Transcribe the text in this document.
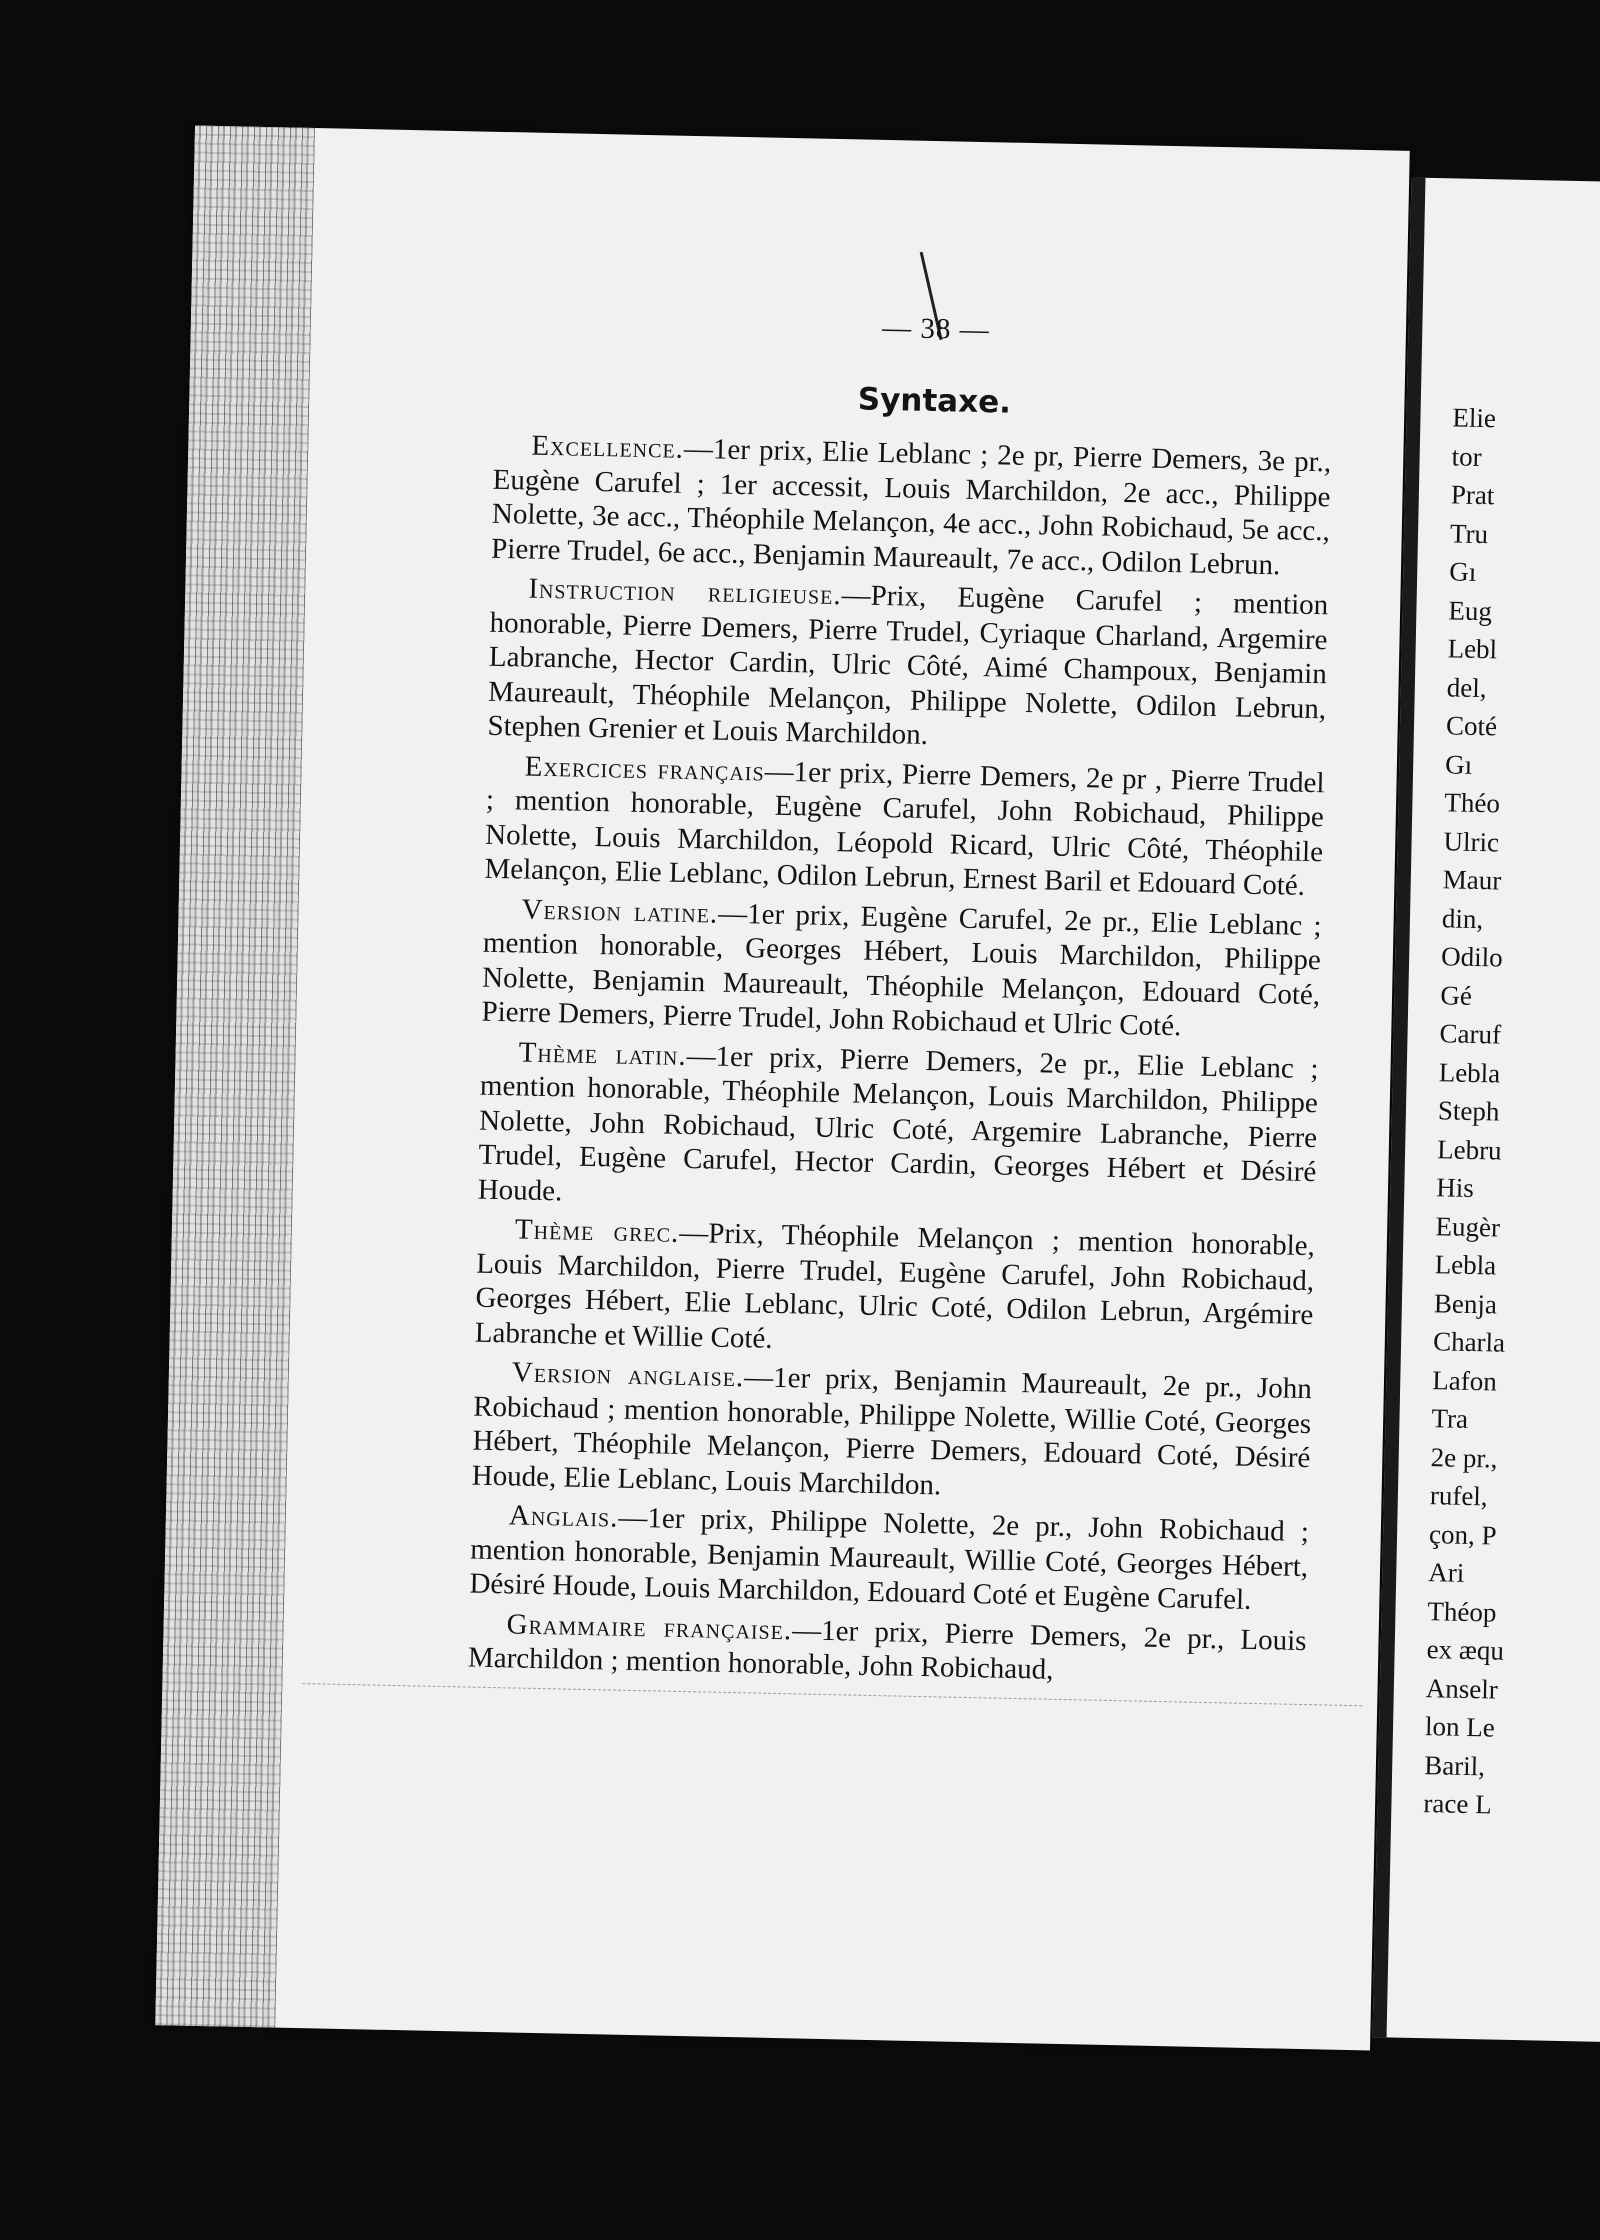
— 38 —
Syntaxe.

Excellence.—1er prix, Elie Leblanc ; 2e pr, Pierre Demers, 3e pr., Eugène Carufel ; 1er accessit, Louis Marchildon, 2e acc., Philippe Nolette, 3e acc., Théophile Melançon, 4e acc., John Robichaud, 5e acc., Pierre Trudel, 6e acc., Benjamin Maureault, 7e acc., Odilon Lebrun.

Instruction religieuse.—Prix, Eugène Carufel ; mention honorable, Pierre Demers, Pierre Trudel, Cyriaque Charland, Argemire Labranche, Hector Cardin, Ulric Côté, Aimé Champoux, Benjamin Maureault, Théophile Melançon, Philippe Nolette, Odilon Lebrun, Stephen Grenier et Louis Marchildon.

Exercices français—1er prix, Pierre Demers, 2e pr , Pierre Trudel ; mention honorable, Eugène Carufel, John Robichaud, Philippe Nolette, Louis Marchildon, Léopold Ricard, Ulric Côté, Théophile Melançon, Elie Leblanc, Odilon Lebrun, Ernest Baril et Edouard Coté.

Version latine.—1er prix, Eugène Carufel, 2e pr., Elie Leblanc ; mention honorable, Georges Hébert, Louis Marchildon, Philippe Nolette, Benjamin Maureault, Théophile Melançon, Edouard Coté, Pierre Demers, Pierre Trudel, John Robichaud et Ulric Coté.

Thème latin.—1er prix, Pierre Demers, 2e pr., Elie Leblanc ; mention honorable, Théophile Melançon, Louis Marchildon, Philippe Nolette, John Robichaud, Ulric Coté, Argemire Labranche, Pierre Trudel, Eugène Carufel, Hector Cardin, Georges Hébert et Désiré Houde.

Thème grec.—Prix, Théophile Melançon ; mention honorable, Louis Marchildon, Pierre Trudel, Eugène Carufel, John Robichaud, Georges Hébert, Elie Leblanc, Ulric Coté, Odilon Lebrun, Argémire Labranche et Willie Coté.

Version anglaise.—1er prix, Benjamin Maureault, 2e pr., John Robichaud ; mention honorable, Philippe Nolette, Willie Coté, Georges Hébert, Théophile Melançon, Pierre Demers, Edouard Coté, Désiré Houde, Elie Leblanc, Louis Marchildon.

Anglais.—1er prix, Philippe Nolette, 2e pr., John Robichaud ; mention honorable, Benjamin Maureault, Willie Coté, Georges Hébert, Désiré Houde, Louis Marchildon, Edouard Coté et Eugène Carufel.

Grammaire française.—1er prix, Pierre Demers, 2e pr., Louis Marchildon ; mention honorable, John Robichaud,

Elie
tor
Prat
Tru
Gı
Eug
Lebl
del,
Coté
Gı
Théo
Ulric
Maur
din,
Odilo
Gé
Caruf
Lebla
Steph
Lebru
His
Eugèr
Lebla
Benja
Charla
Lafon
Tra
2e pr.,
rufel,
çon, P
Ari
Théop
ex æqu
Anselr
lon Le
Baril,
race L
